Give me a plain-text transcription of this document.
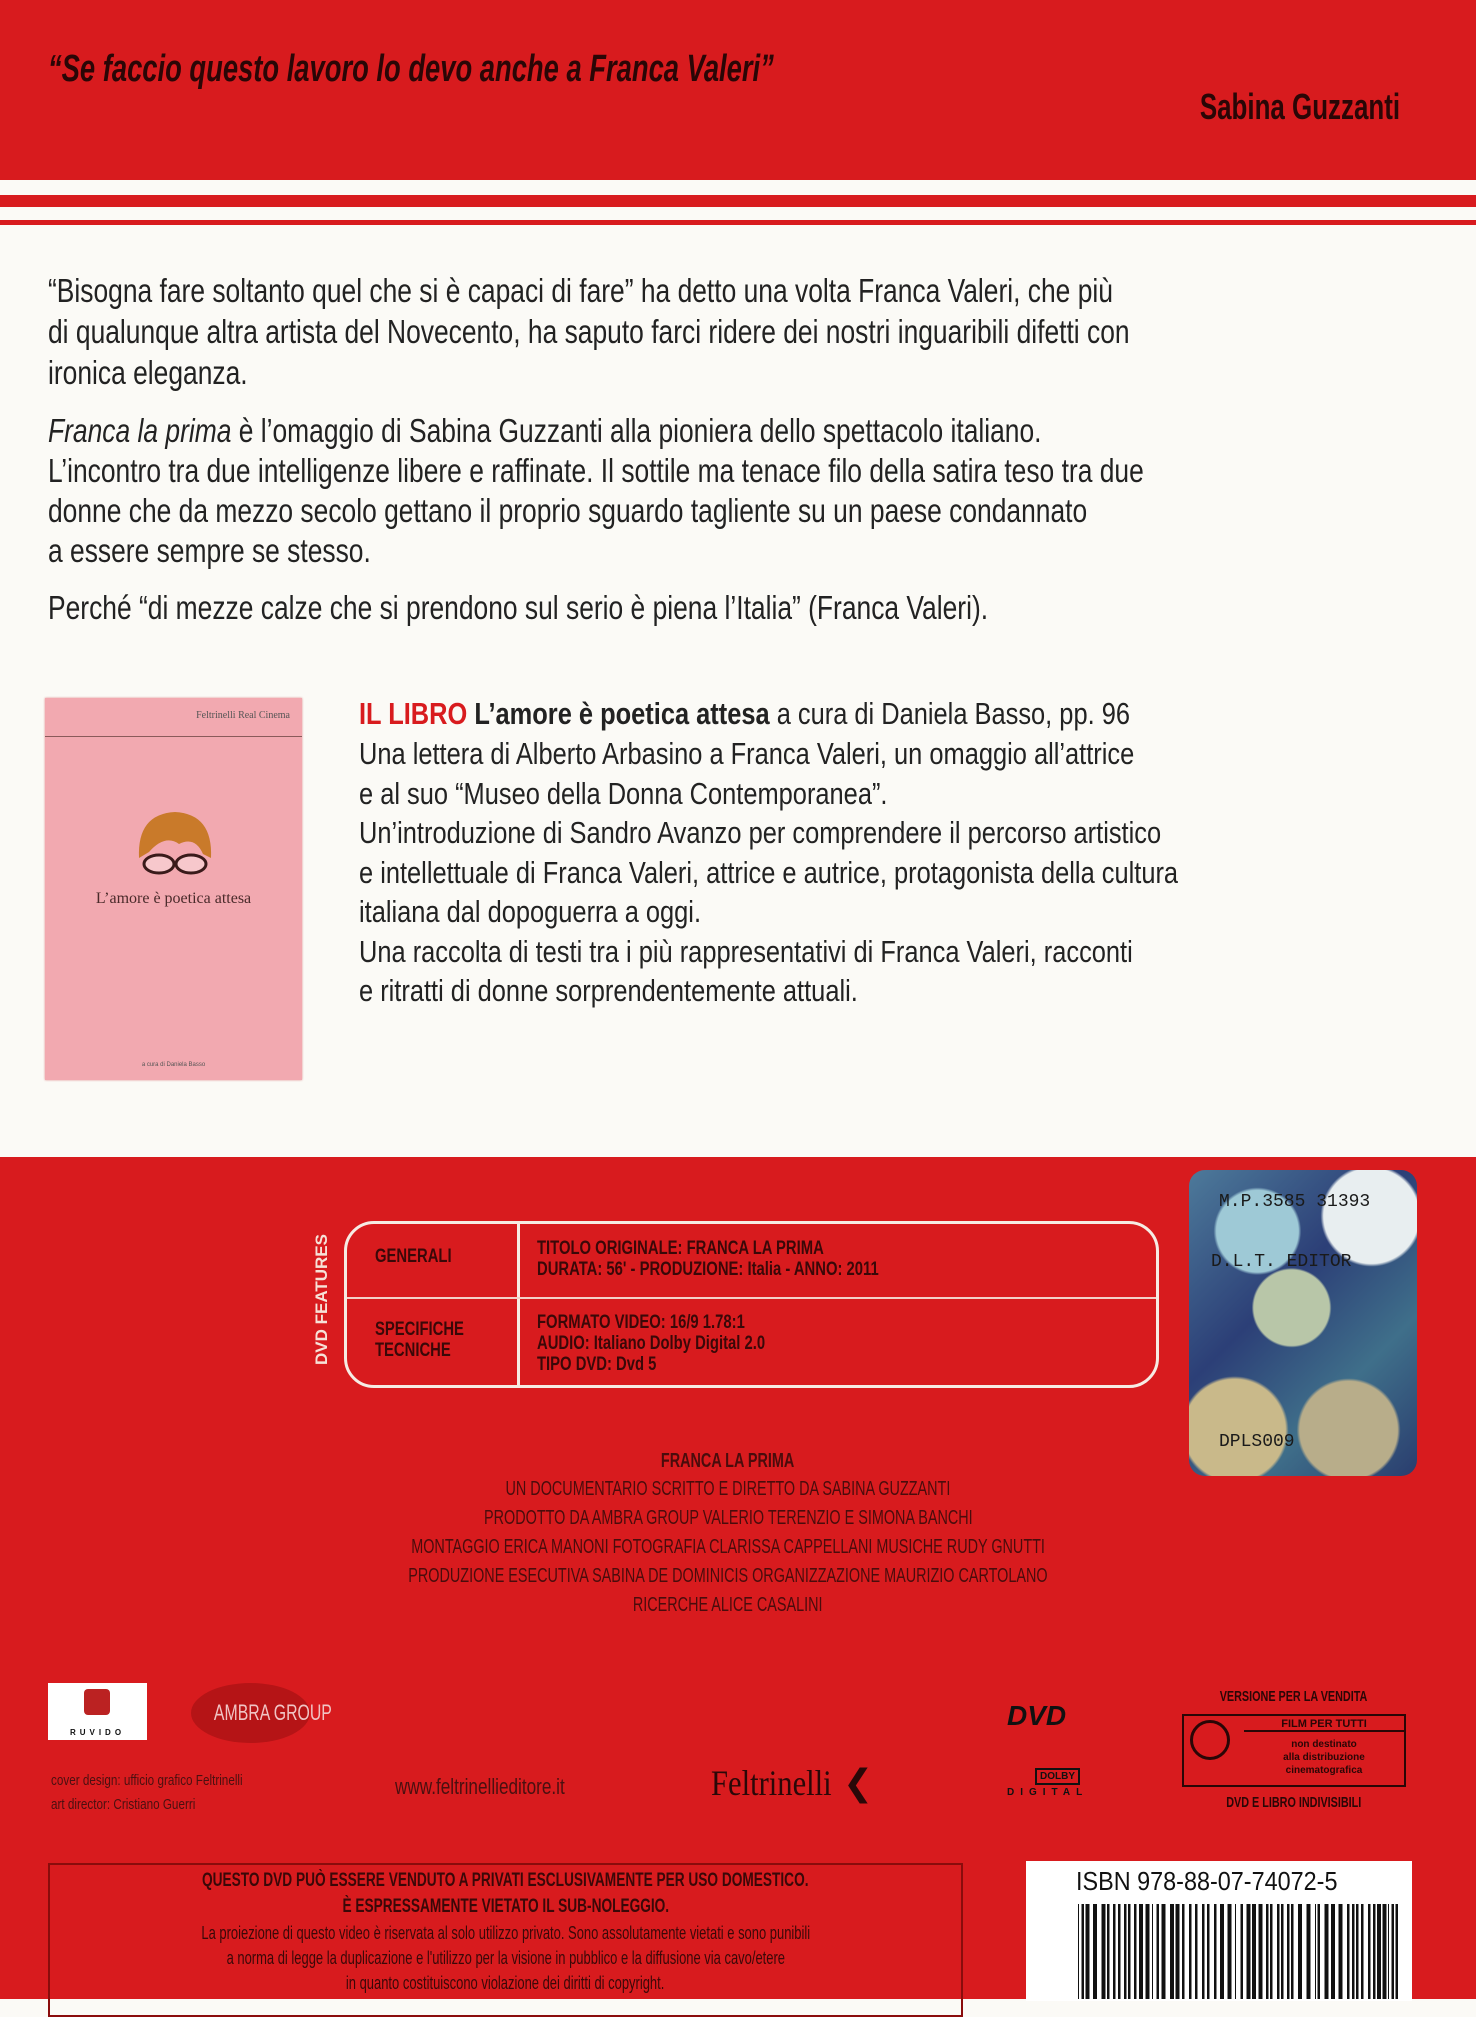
“Se faccio questo lavoro lo devo anche a Franca Valeri”
Sabina Guzzanti
“Bisogna fare soltanto quel che si è capaci di fare” ha detto una volta Franca Valeri, che più
di qualunque altra artista del Novecento, ha saputo farci ridere dei nostri inguaribili difetti con
ironica eleganza.
Franca la prima è l’omaggio di Sabina Guzzanti alla pioniera dello spettacolo italiano.
L’incontro tra due intelligenze libere e raffinate. Il sottile ma tenace filo della satira teso tra due
donne che da mezzo secolo gettano il proprio sguardo tagliente su un paese condannato
a essere sempre se stesso.
Perché “di mezze calze che si prendono sul serio è piena l’Italia” (Franca Valeri).
Feltrinelli Real Cinema
L’amore è poetica attesa
a cura di Daniela Basso
IL LIBRO L’amore è poetica attesa a cura di Daniela Basso, pp. 96
Una lettera di Alberto Arbasino a Franca Valeri, un omaggio all’attrice
e al suo “Museo della Donna Contemporanea”.
Un’introduzione di Sandro Avanzo per comprendere il percorso artistico
e intellettuale di Franca Valeri, attrice e autrice, protagonista della cultura
italiana dal dopoguerra a oggi.
Una raccolta di testi tra i più rappresentativi di Franca Valeri, racconti
e ritratti di donne sorprendentemente attuali.
DVD FEATURES GENERALI	TITOLO ORIGINALE: FRANCA LA PRIMA
DURATA: 56' - PRODUZIONE: Italia - ANNO: 2011
SPECIFICHE
TECNICHE
FORMATO VIDEO: 16/9 1.78:1
AUDIO: Italiano Dolby Digital 2.0
TIPO DVD: Dvd 5
M.P.3585 31393
D.L.T. EDITOR
DPLS009
FRANCA LA PRIMA
UN DOCUMENTARIO SCRITTO E DIRETTO DA SABINA GUZZANTI
PRODOTTO DA AMBRA GROUP VALERIO TERENZIO E SIMONA BANCHI
MONTAGGIO ERICA MANONI FOTOGRAFIA CLARISSA CAPPELLANI MUSICHE RUDY GNUTTI
PRODUZIONE ESECUTIVA SABINA DE DOMINICIS ORGANIZZAZIONE MAURIZIO CARTOLANO
RICERCHE ALICE CASALINI
RUVIDO
AMBRA GROUP
cover design: ufficio grafico Feltrinelli
art director: Cristiano Guerri
www.feltrinellieditore.it	Feltrinelli ❮
DVD
DOLBY
DIGITAL
VERSIONE PER LA VENDITA
FILM PER TUTTI
non destinato
alla distribuzione
cinematografica
DVD E LIBRO INDIVISIBILI
QUESTO DVD PUÒ ESSERE VENDUTO A PRIVATI ESCLUSIVAMENTE PER USO DOMESTICO.
È ESPRESSAMENTE VIETATO IL SUB-NOLEGGIO.
La proiezione di questo video è riservata al solo utilizzo privato. Sono assolutamente vietati e sono punibili
a norma di legge la duplicazione e l'utilizzo per la visione in pubblico e la diffusione via cavo/etere
in quanto costituiscono violazione dei diritti di copyright.
ISBN 978-88-07-74072-5
